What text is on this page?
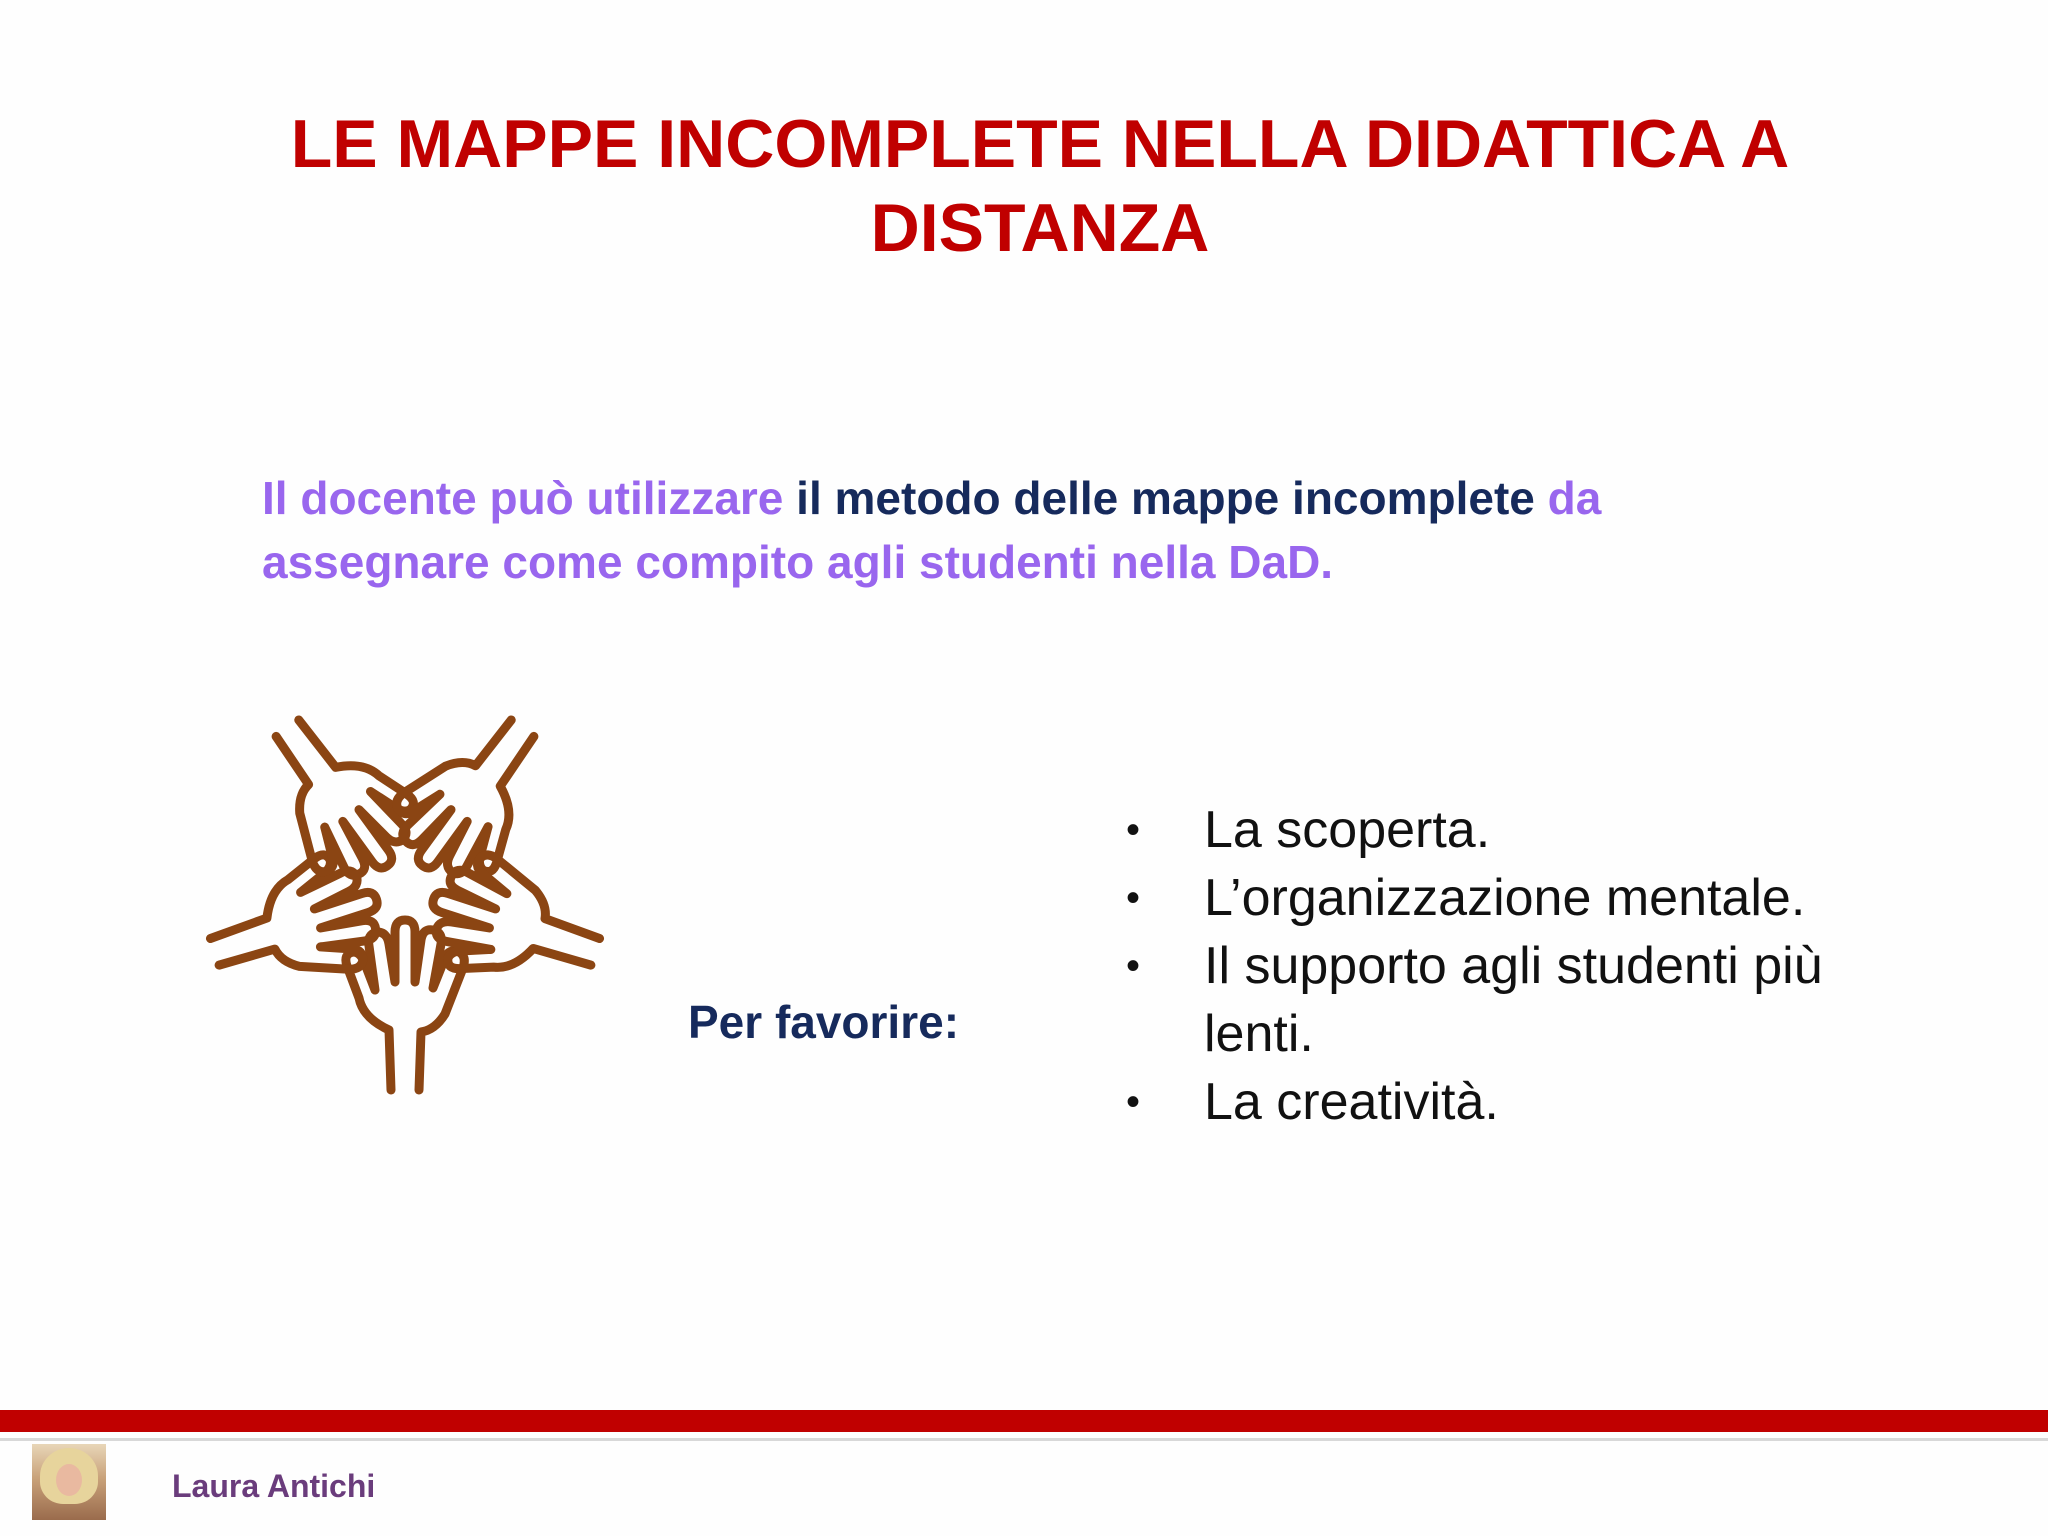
LE MAPPE INCOMPLETE NELLA DIDATTICA A
DISTANZA
Il docente può utilizzare il metodo delle mappe incomplete da assegnare come compito agli studenti nella DaD.
Per favorire:
• La scoperta.
• L’organizzazione mentale.
• Il supporto agli studenti più lenti.
• La creatività.
Laura Antichi
